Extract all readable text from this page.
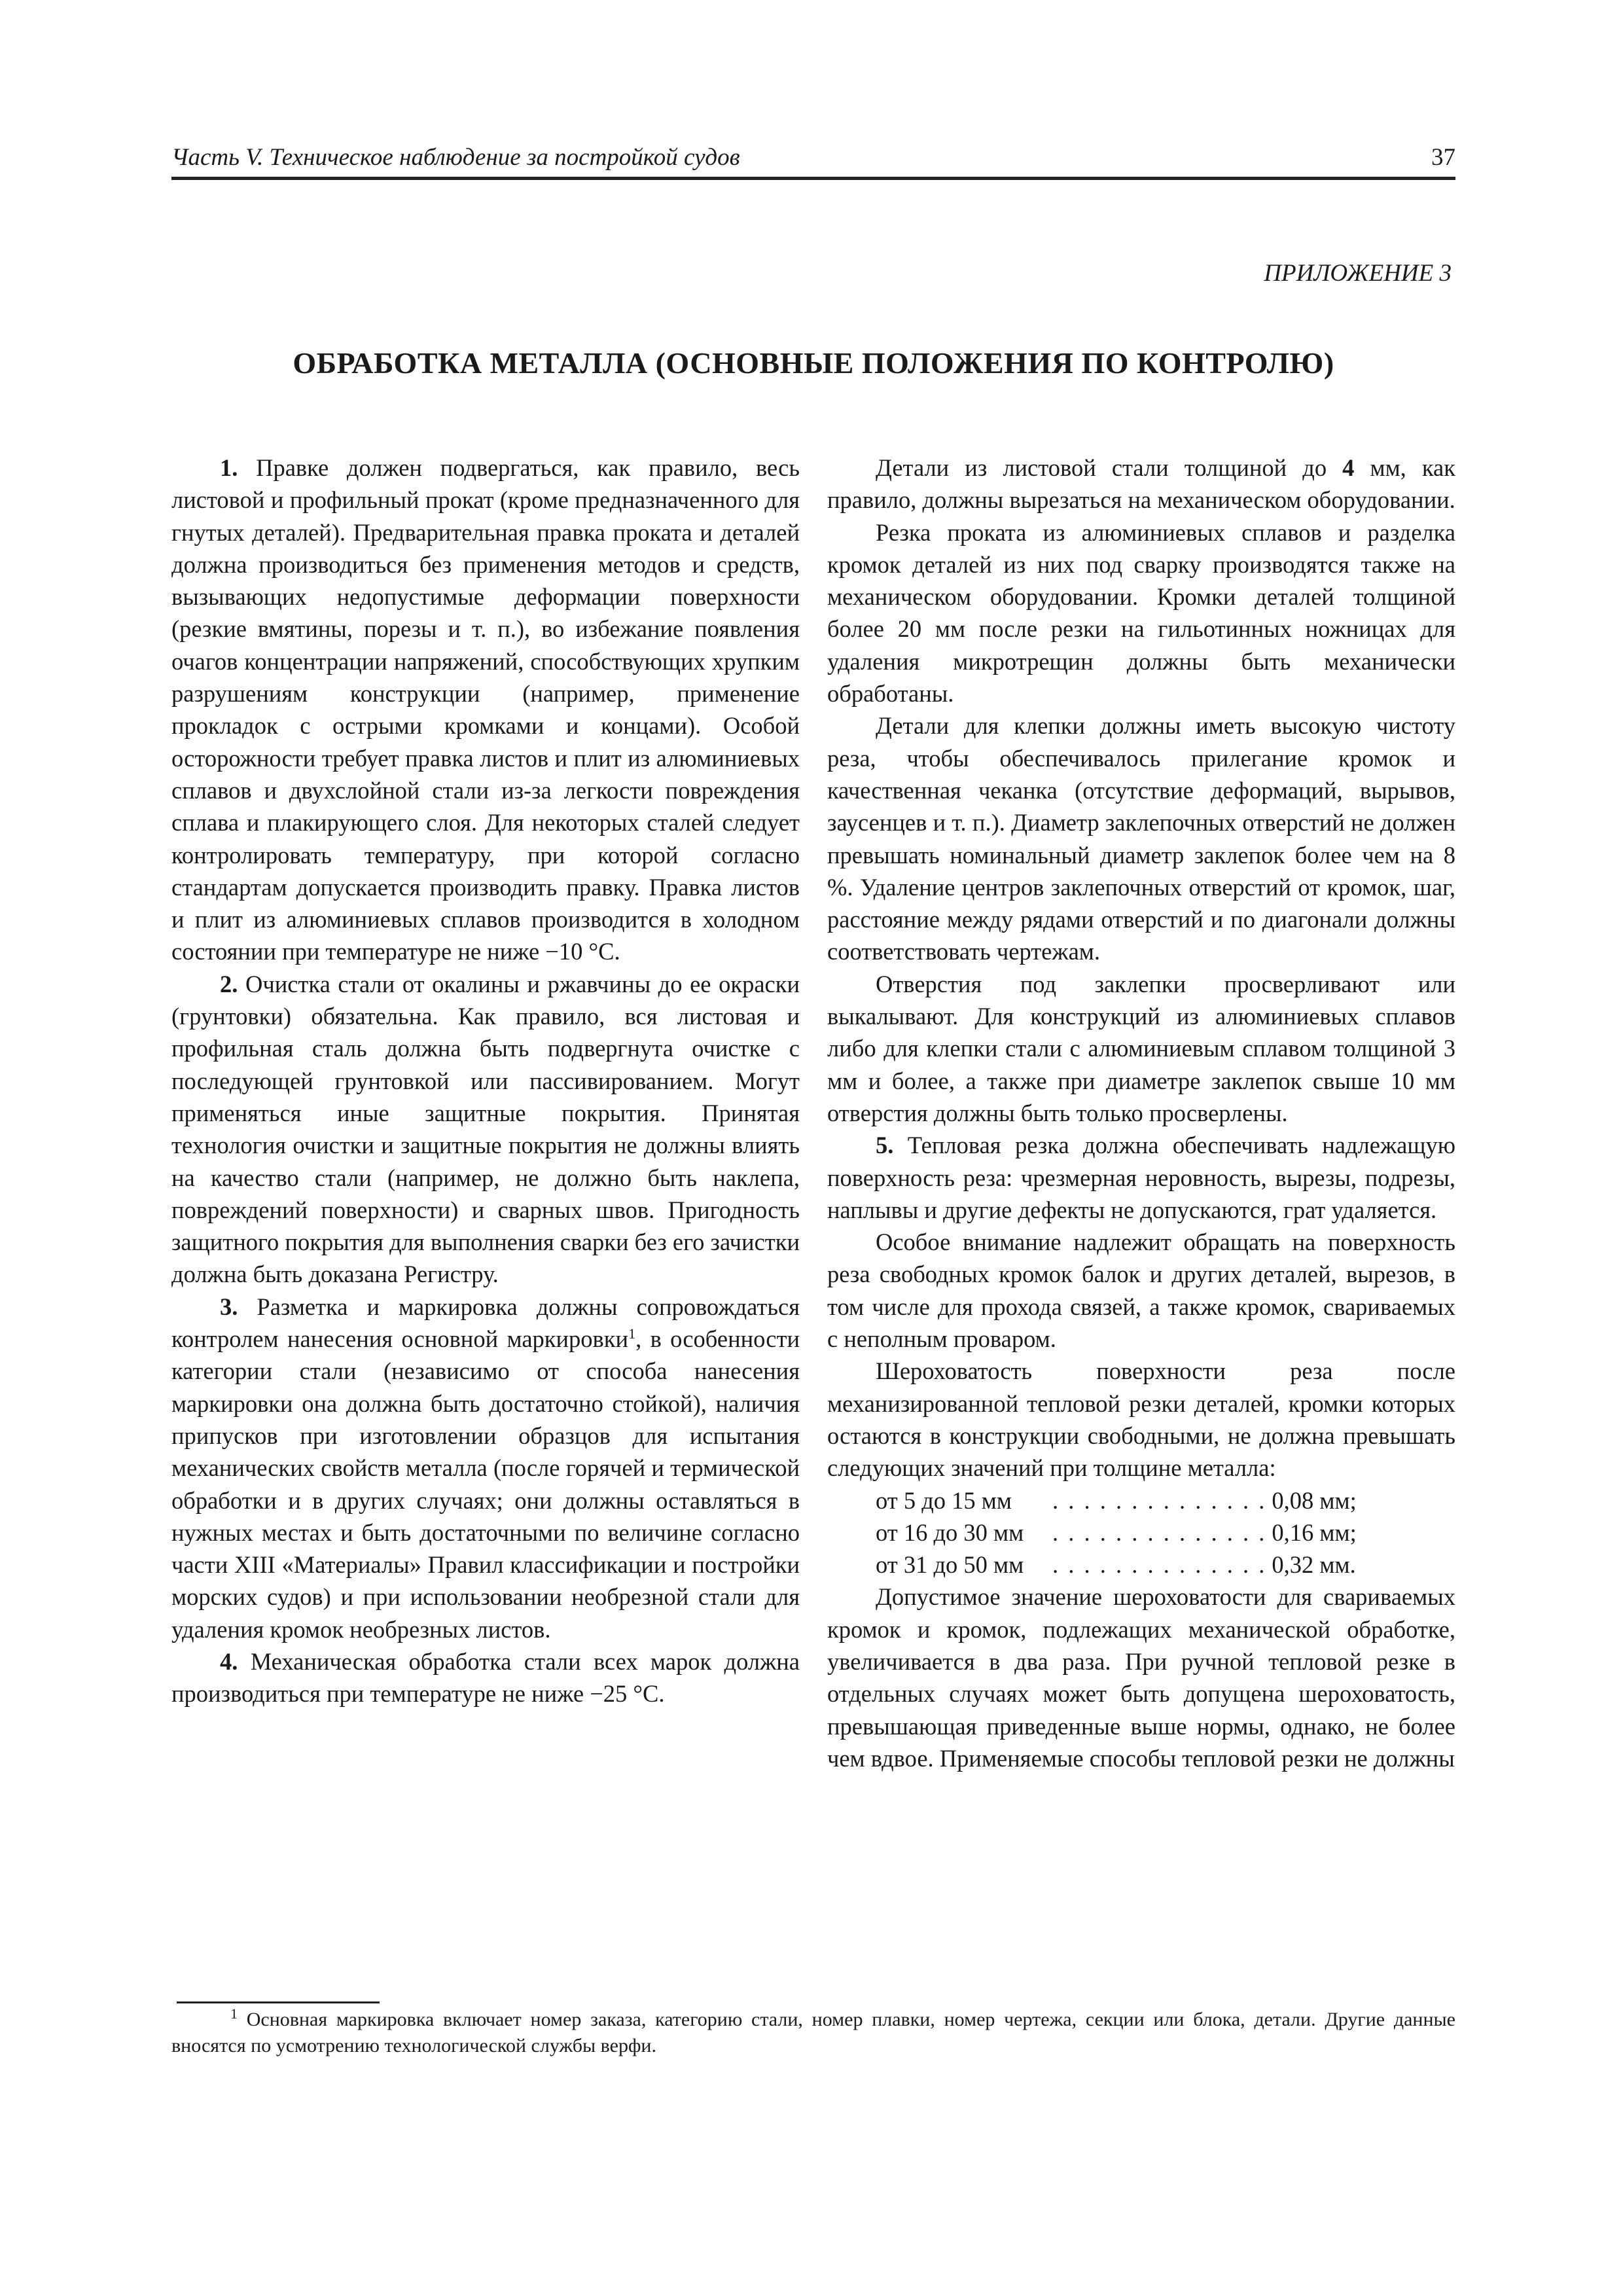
Часть V. Техническое наблюдение за постройкой судов	37
ПРИЛОЖЕНИЕ 3
ОБРАБОТКА МЕТАЛЛА (ОСНОВНЫЕ ПОЛОЖЕНИЯ ПО КОНТРОЛЮ)

1. Правке должен подвергаться, как правило, весь листовой и профильный прокат (кроме предназначенного для гнутых деталей). Предварительная правка проката и деталей должна производиться без применения методов и средств, вызывающих недопустимые деформации поверхности (резкие вмятины, порезы и т. п.), во избежание появления очагов концентрации напряжений, способствующих хрупким разрушениям конструкции (например, применение прокладок с острыми кромками и концами). Особой осторожности требует правка листов и плит из алюминиевых сплавов и двухслойной стали из-за легкости повреждения сплава и плакирующего слоя. Для некоторых сталей следует контролировать температуру, при которой согласно стандартам допускается производить правку. Правка листов и плит из алюминиевых сплавов производится в холодном состоянии при температуре не ниже −10 °С.

2. Очистка стали от окалины и ржавчины до ее окраски (грунтовки) обязательна. Как правило, вся листовая и профильная сталь должна быть подвергнута очистке с последующей грунтовкой или пассивированием. Могут применяться иные защитные покрытия. Принятая технология очистки и защитные покрытия не должны влиять на качество стали (например, не должно быть наклепа, повреждений поверхности) и сварных швов. Пригодность защитного покрытия для выполнения сварки без его зачистки должна быть доказана Регистру.

3. Разметка и маркировка должны сопровождаться контролем нанесения основной маркировки$^1$, в особенности категории стали (независимо от способа нанесения маркировки она должна быть достаточно стойкой), наличия припусков при изготовлении образцов для испытания механических свойств металла (после горячей и термической обработки и в других случаях; они должны оставляться в нужных местах и быть достаточными по величине согласно части XIII «Материалы» Правил классификации и постройки морских судов) и при использовании необрезной стали для удаления кромок необрезных листов.

4. Механическая обработка стали всех марок должна производиться при температуре не ниже −25 °С.

Детали из листовой стали толщиной до 4 мм, как правило, должны вырезаться на механическом оборудовании.

Резка проката из алюминиевых сплавов и разделка кромок деталей из них под сварку производятся также на механическом оборудовании. Кромки деталей толщиной более 20 мм после резки на гильотинных ножницах для удаления микротрещин должны быть механически обработаны.

Детали для клепки должны иметь высокую чистоту реза, чтобы обеспечивалось прилегание кромок и качественная чеканка (отсутствие деформаций, вырывов, заусенцев и т. п.). Диаметр заклепочных отверстий не должен превышать номинальный диаметр заклепок более чем на 8 %. Удаление центров заклепочных отверстий от кромок, шаг, расстояние между рядами отверстий и по диагонали должны соответствовать чертежам.

Отверстия под заклепки просверливают или выкалывают. Для конструкций из алюминиевых сплавов либо для клепки стали с алюминиевым сплавом толщиной 3 мм и более, а также при диаметре заклепок свыше 10 мм отверстия должны быть только просверлены.

5. Тепловая резка должна обеспечивать надлежащую поверхность реза: чрезмерная неровность, вырезы, подрезы, наплывы и другие дефекты не допускаются, грат удаляется.

Особое внимание надлежит обращать на поверхность реза свободных кромок балок и других деталей, вырезов, в том числе для прохода связей, а также кромок, свариваемых с неполным проваром.

Шероховатость поверхности реза после механизированной тепловой резки деталей, кромки которых остаются в конструкции свободными, не должна превышать следующих значений при толщине металла:

от 5 до 15 мм	. . . . . . . . . . . . . . 0,08 мм;
от 16 до 30 мм	. . . . . . . . . . . . . . 0,16 мм;
от 31 до 50 мм	. . . . . . . . . . . . . . 0,32 мм.

Допустимое значение шероховатости для свариваемых кромок и кромок, подлежащих механической обработке, увеличивается в два раза. При ручной тепловой резке в отдельных случаях может быть допущена шероховатость, превышающая приведенные выше нормы, однако, не более чем вдвое. Применяемые способы тепловой резки не должны

$^1$ Основная маркировка включает номер заказа, категорию стали, номер плавки, номер чертежа, секции или блока, детали. Другие данные вносятся по усмотрению технологической службы верфи.
